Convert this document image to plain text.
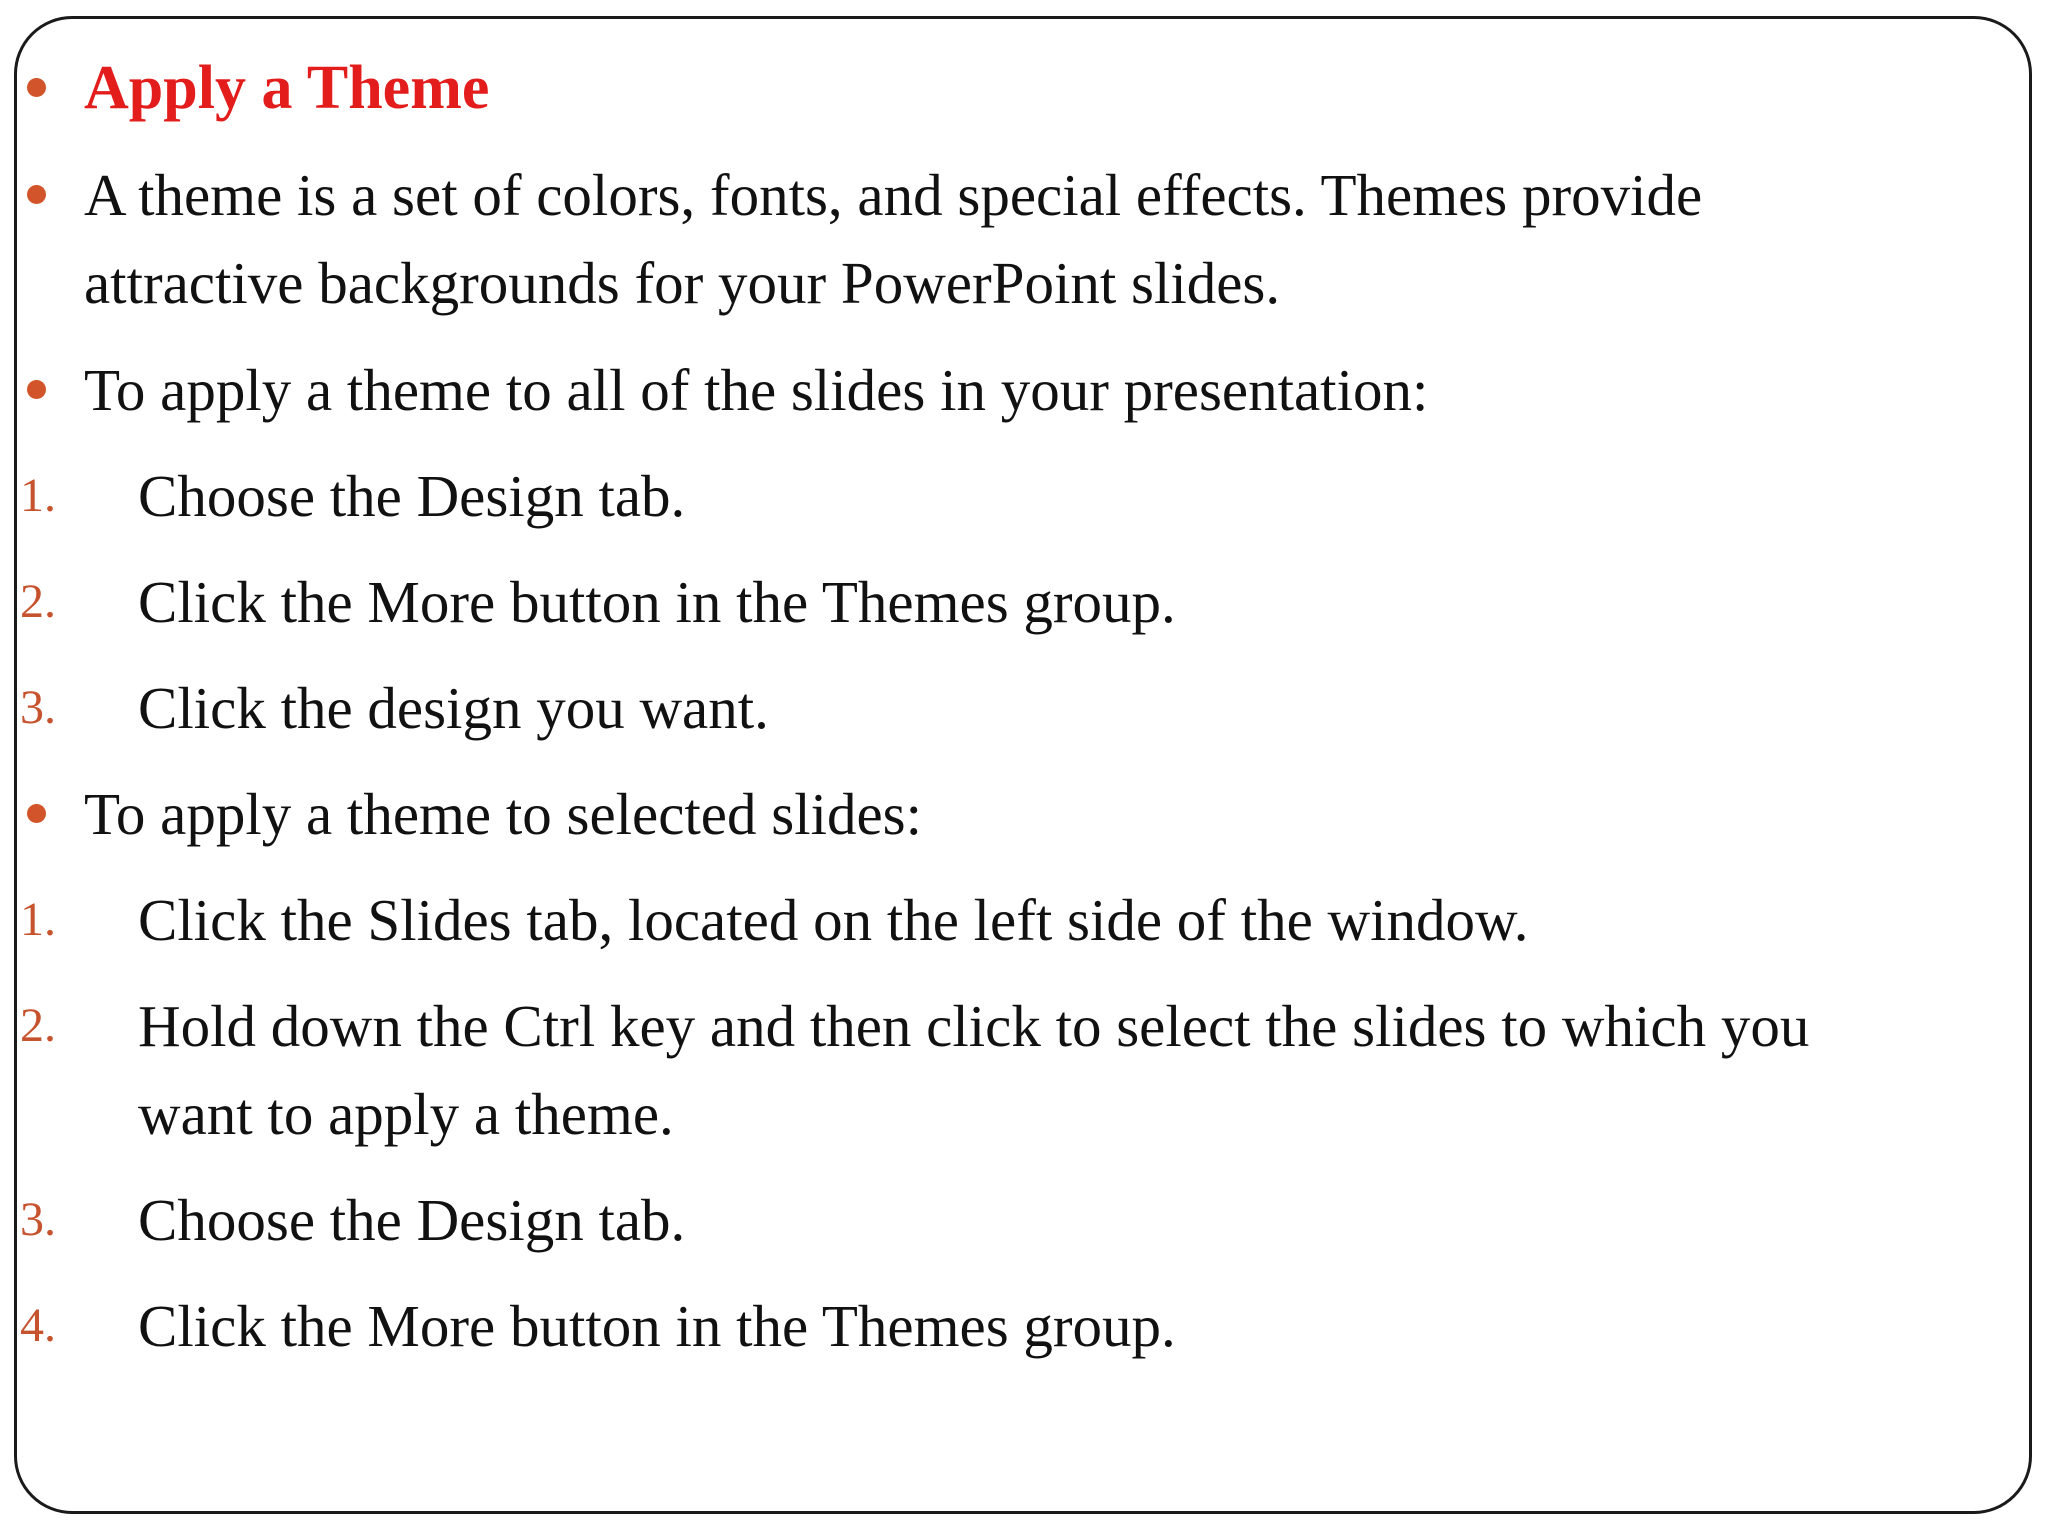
Apply a Theme
A theme is a set of colors, fonts, and special effects. Themes provide
attractive backgrounds for your PowerPoint slides.
To apply a theme to all of the slides in your presentation:
1. Choose the Design tab.
2. Click the More button in the Themes group.
3. Click the design you want.
To apply a theme to selected slides:
1. Click the Slides tab, located on the left side of the window.
2. Hold down the Ctrl key and then click to select the slides to which you
want to apply a theme.
3. Choose the Design tab.
4. Click the More button in the Themes group.
